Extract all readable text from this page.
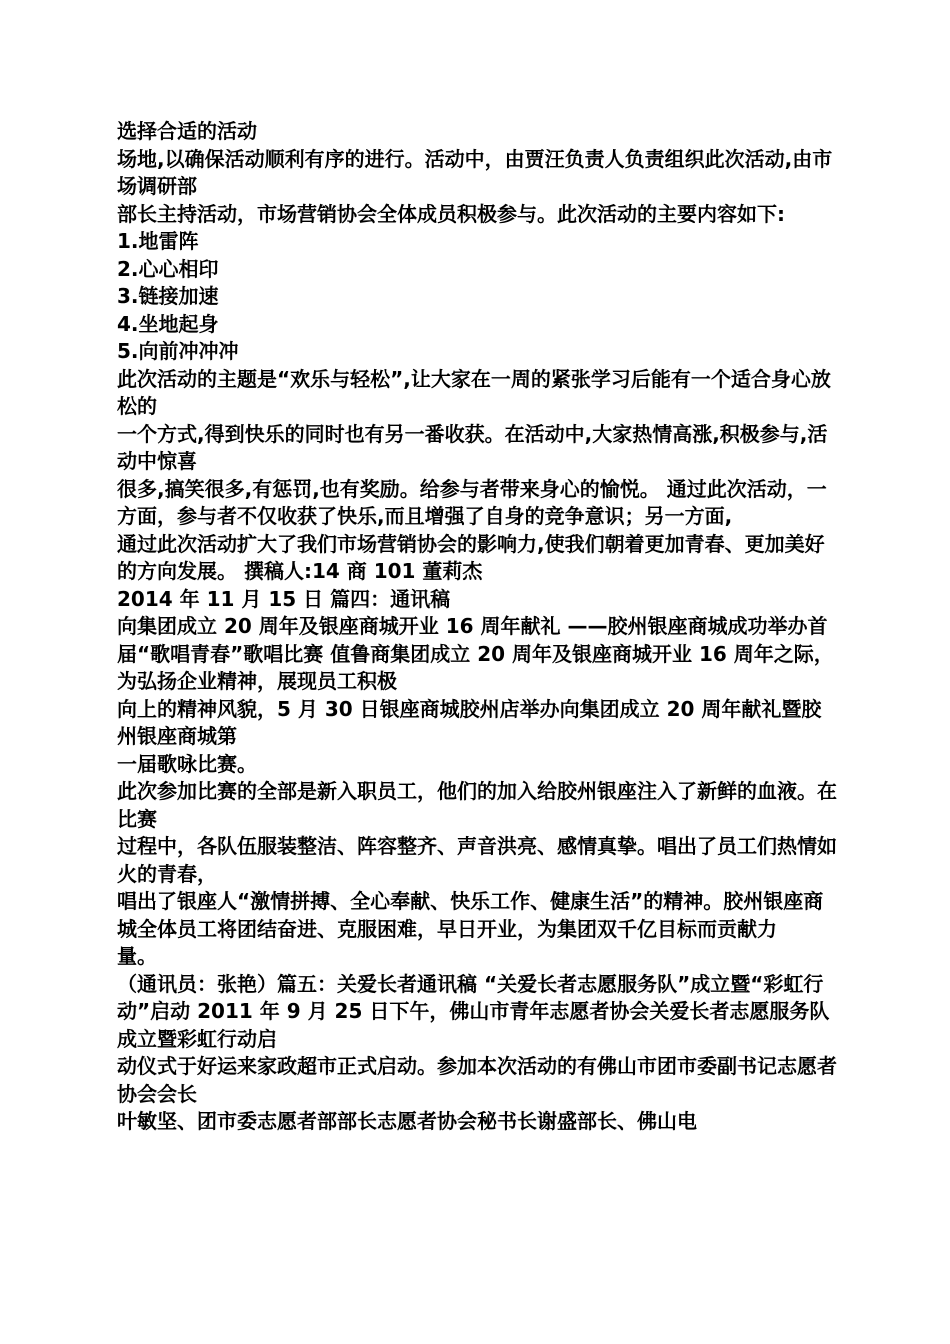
选择合适的活动

场地,以确保活动顺利有序的进行。活动中，由贾汪负责人负责组织此次活动,由市场调研部

部长主持活动，市场营销协会全体成员积极参与。此次活动的主要内容如下:

1.地雷阵

2.心心相印

3.链接加速

4.坐地起身

5.向前冲冲冲

此次活动的主题是“欢乐与轻松”,让大家在一周的紧张学习后能有一个适合身心放松的

一个方式,得到快乐的同时也有另一番收获。在活动中,大家热情高涨,积极参与,活动中惊喜

很多,搞笑很多,有惩罚,也有奖励。给参与者带来身心的愉悦。 通过此次活动，一方面，参与者不仅收获了快乐,而且增强了自身的竞争意识；另一方面,

通过此次活动扩大了我们市场营销协会的影响力,使我们朝着更加青春、更加美好的方向发展。 撰稿人:14 商 101 董莉杰

2014 年 11 月 15 日 篇四：通讯稿

向集团成立 20 周年及银座商城开业 16 周年献礼 ——胶州银座商城成功举办首届“歌唱青春”歌唱比赛 值鲁商集团成立 20 周年及银座商城开业 16 周年之际，为弘扬企业精神，展现员工积极

向上的精神风貌，5 月 30 日银座商城胶州店举办向集团成立 20 周年献礼暨胶州银座商城第

一届歌咏比赛。

此次参加比赛的全部是新入职员工，他们的加入给胶州银座注入了新鲜的血液。在比赛

过程中，各队伍服装整洁、阵容整齐、声音洪亮、感情真挚。唱出了员工们热情如火的青春，

唱出了银座人“激情拼搏、全心奉献、快乐工作、健康生活”的精神。胶州银座商城全体员工将团结奋进、克服困难，早日开业，为集团双千亿目标而贡献力

量。

（通讯员：张艳）篇五：关爱长者通讯稿 “关爱长者志愿服务队”成立暨“彩虹行动”启动 2011 年 9 月 25 日下午，佛山市青年志愿者协会关爱长者志愿服务队成立暨彩虹行动启

动仪式于好运来家政超市正式启动。参加本次活动的有佛山市团市委副书记志愿者协会会长

叶敏坚、团市委志愿者部部长志愿者协会秘书长谢盛部长、佛山电
